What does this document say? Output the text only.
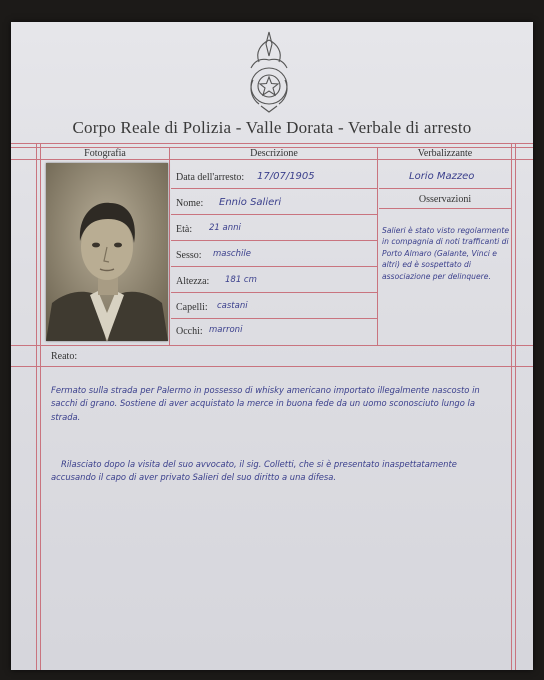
Corpo Reale di Polizia - Valle Dorata - Verbale di arresto
Fotografia	Descrizione	Verbalizzante
Data dell'arresto: 17/07/1905
Nome: Ennio Salieri
Età: 21 anni
Sesso: maschile
Altezza: 181 cm
Capelli: castani
Occhi: marroni
Lorio Mazzeo
Osservazioni
Salieri è stato visto regolarmente in compagnia di noti trafficanti di Porto Almaro (Galante, Vinci e altri) ed è sospettato di associazione per delinquere.
Reato:
Fermato sulla strada per Palermo in possesso di whisky americano importato illegalmente nascosto in sacchi di grano. Sostiene di aver acquistato la merce in buona fede da un uomo sconosciuto lungo la strada.
Rilasciato dopo la visita del suo avvocato, il sig. Colletti, che si è presentato inaspettatamente accusando il capo di aver privato Salieri del suo diritto a una difesa.
